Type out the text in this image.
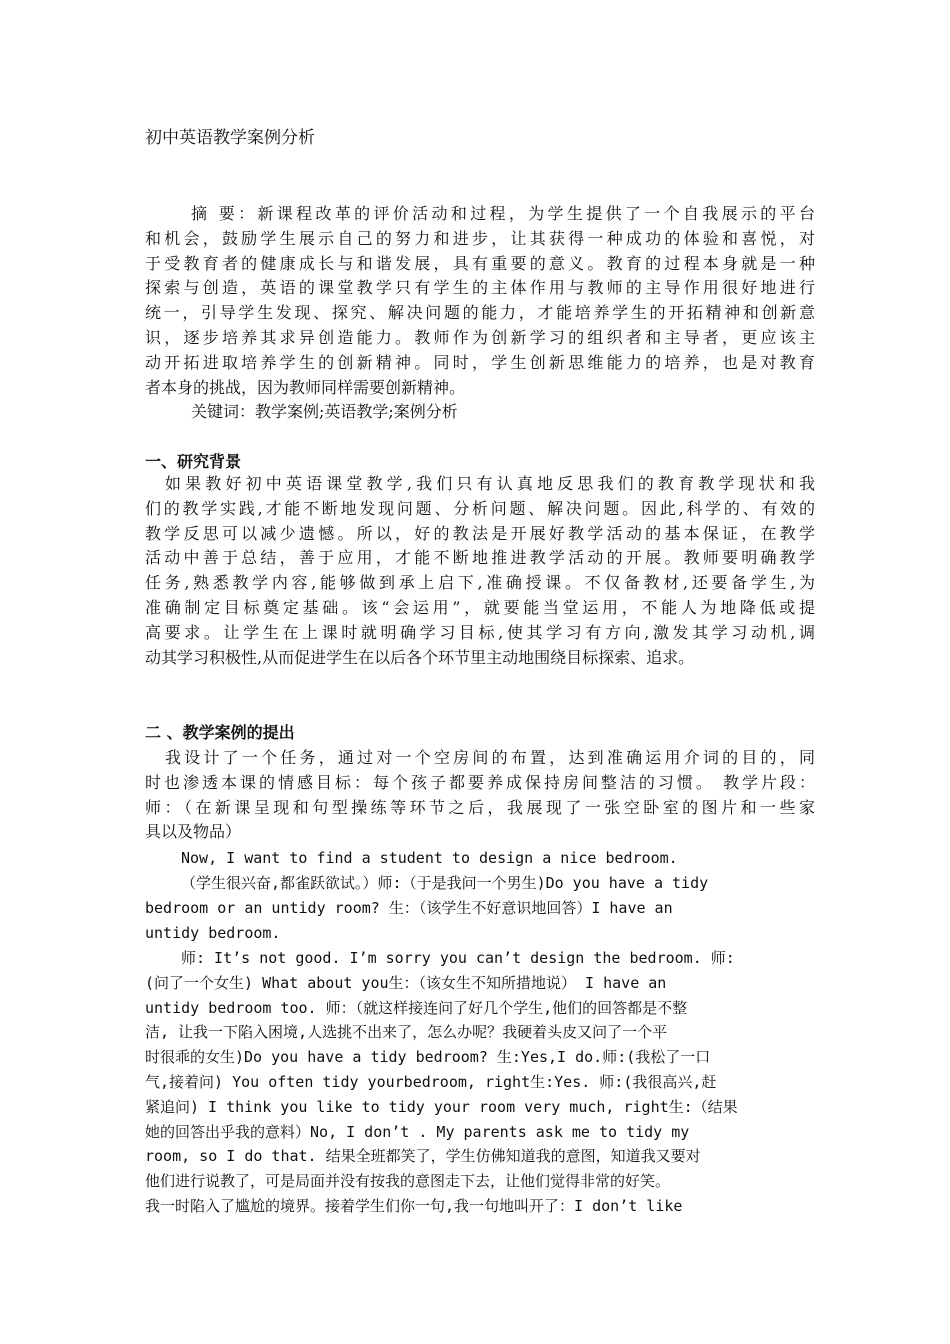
初中英语教学案例分析
摘 要：新课程改革的评价活动和过程，为学生提供了一个自我展示的平台
和机会，鼓励学生展示自己的努力和进步，让其获得一种成功的体验和喜悦，对
于受教育者的健康成长与和谐发展，具有重要的意义。教育的过程本身就是一种
探索与创造，英语的课堂教学只有学生的主体作用与教师的主导作用很好地进行
统一，引导学生发现、探究、解决问题的能力，才能培养学生的开拓精神和创新意
识，逐步培养其求异创造能力。教师作为创新学习的组织者和主导者，更应该主
动开拓进取培养学生的创新精神。同时，学生创新思维能力的培养，也是对教育
者本身的挑战，因为教师同样需要创新精神。
关键词：教学案例;英语教学;案例分析
一、研究背景
如果教好初中英语课堂教学,我们只有认真地反思我们的教育教学现状和我
们的教学实践,才能不断地发现问题、分析问题、解决问题。因此,科学的、有效的
教学反思可以减少遗憾。所以，好的教法是开展好教学活动的基本保证，在教学
活动中善于总结，善于应用，才能不断地推进教学活动的开展。教师要明确教学
任务,熟悉教学内容,能够做到承上启下,准确授课。不仅备教材,还要备学生,为
准确制定目标奠定基础。该“会运用”，就要能当堂运用，不能人为地降低或提
高要求。让学生在上课时就明确学习目标,使其学习有方向,激发其学习动机,调
动其学习积极性,从而促进学生在以后各个环节里主动地围绕目标探索、追求。
二 、教学案例的提出
我设计了一个任务，通过对一个空房间的布置，达到准确运用介词的目的，同
时也渗透本课的情感目标：每个孩子都要养成保持房间整洁的习惯。 教学片段：
师：（在新课呈现和句型操练等环节之后，我展现了一张空卧室的图片和一些家
具以及物品）
Now, I want to find a student to design a nice bedroom.
（学生很兴奋,都雀跃欲试。）师:（于是我问一个男生)Do you have a tidy
bedroom or an untidy room? 生：（该学生不好意识地回答）I have an
untidy bedroom.
师: It’s not good. I’m sorry you can’t design the bedroom. 师:
(问了一个女生) What about you生：（该女生不知所措地说） I have an
untidy bedroom too. 师：（就这样接连问了好几个学生,他们的回答都是不整
洁, 让我一下陷入困境,人选挑不出来了，怎么办呢？我硬着头皮又问了一个平
时很乖的女生)Do you have a tidy bedroom? 生:Yes,I do.师:(我松了一口
气,接着问) You often tidy yourbedroom, right生:Yes. 师:(我很高兴,赶
紧追问) I think you like to tidy your room very much, right生:（结果
她的回答出乎我的意料）No, I don’t . My parents ask me to tidy my
room, so I do that. 结果全班都笑了，学生仿佛知道我的意图，知道我又要对
他们进行说教了，可是局面并没有按我的意图走下去，让他们觉得非常的好笑。
我一时陷入了尴尬的境界。接着学生们你一句,我一句地叫开了：I don’t like
